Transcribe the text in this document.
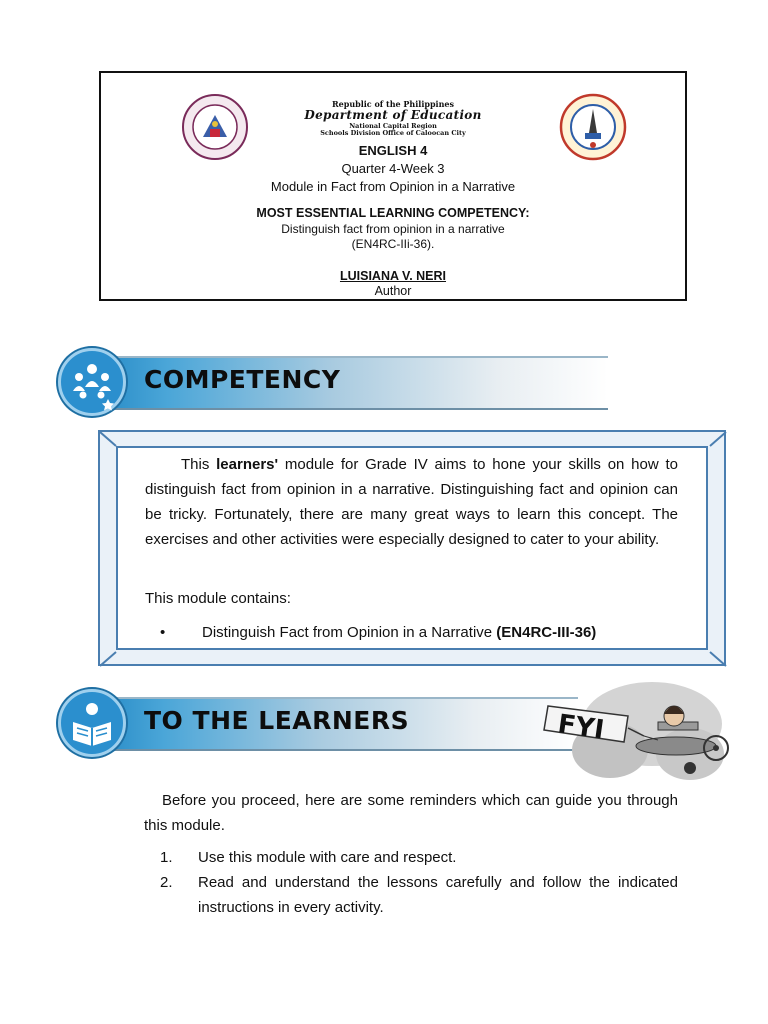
Republic of the Philippines
Department of Education
National Capital Region
Schools Division Office of Caloocan City
ENGLISH 4
Quarter 4-Week 3
Module in Fact from Opinion in a Narrative
MOST ESSENTIAL LEARNING COMPETENCY:
Distinguish fact from opinion in a narrative
(EN4RC-IIi-36).
LUISIANA V. NERI
Author
COMPETENCY

This learners' module for Grade IV aims to hone your skills on how to distinguish fact from opinion in a narrative. Distinguishing fact and opinion can be tricky. Fortunately, there are many great ways to learn this concept. The exercises and other activities were especially designed to cater to your ability.

This module contains:
• Distinguish Fact from Opinion in a Narrative (EN4RC-III-36)
TO THE LEARNERS	FYI

Before you proceed, here are some reminders which can guide you through this module.

1. Use this module with care and respect.
2. Read and understand the lessons carefully and follow the indicated instructions in every activity.
